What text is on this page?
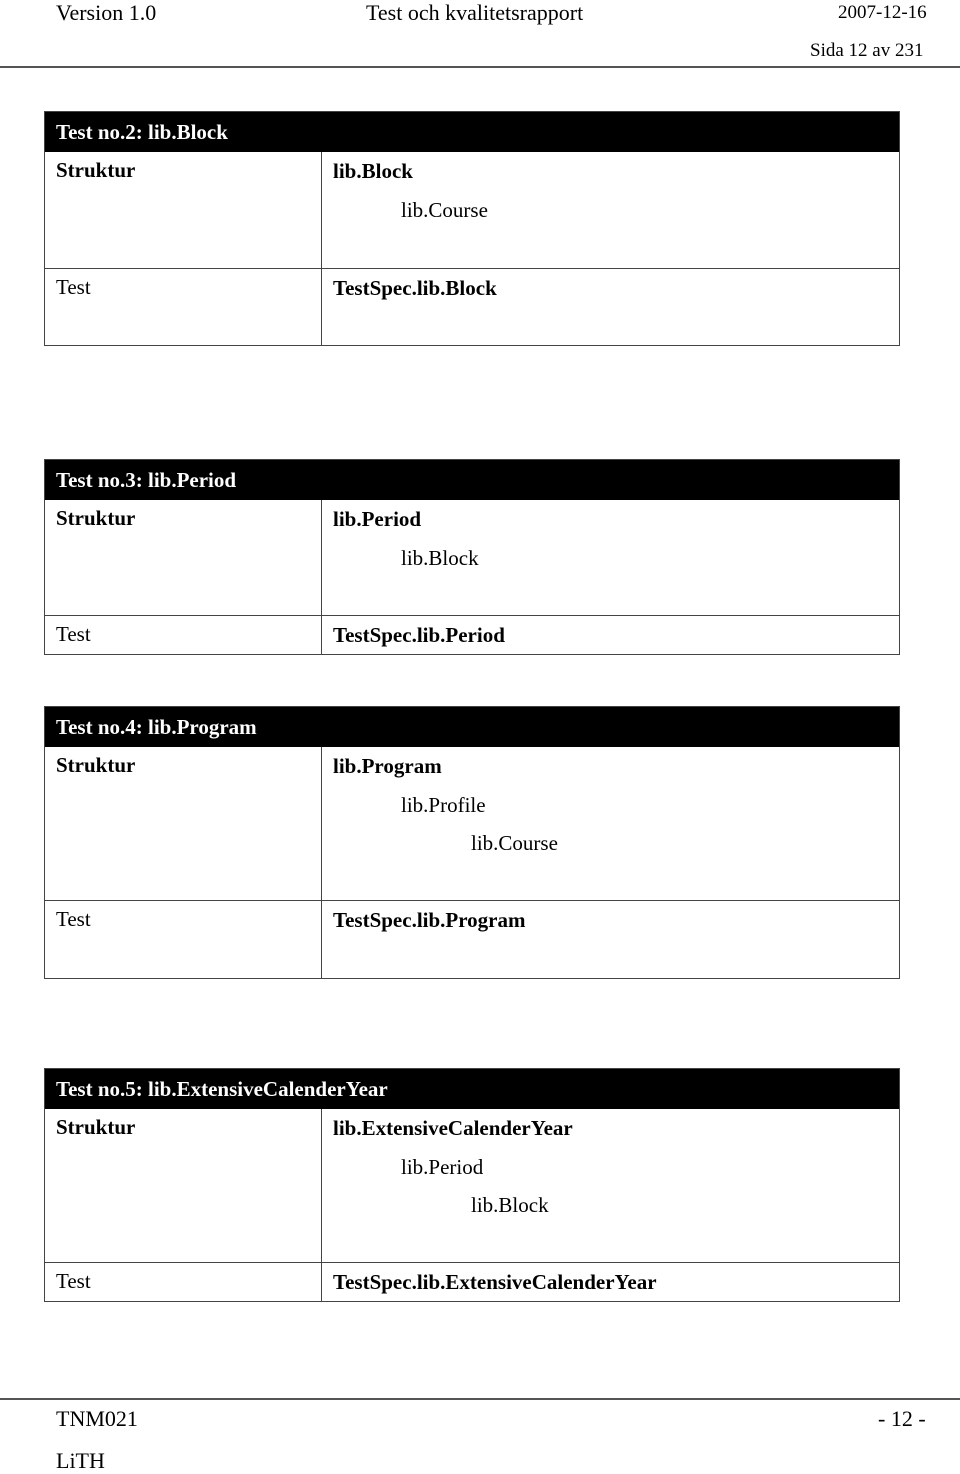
Version 1.0	Test och kvalitetsrapport	2007-12-16
Sida 12 av 231
Test no.2: lib.Block
Struktur	lib.Block
lib.Course
Test	TestSpec.lib.Block
Test no.3: lib.Period
Struktur	lib.Period
lib.Block
Test	TestSpec.lib.Period
Test no.4: lib.Program
Struktur	lib.Program
lib.Profile
lib.Course
Test	TestSpec.lib.Program
Test no.5: lib.ExtensiveCalenderYear
Struktur	lib.ExtensiveCalenderYear
lib.Period
lib.Block
Test	TestSpec.lib.ExtensiveCalenderYear
TNM021	- 12 -
LiTH
